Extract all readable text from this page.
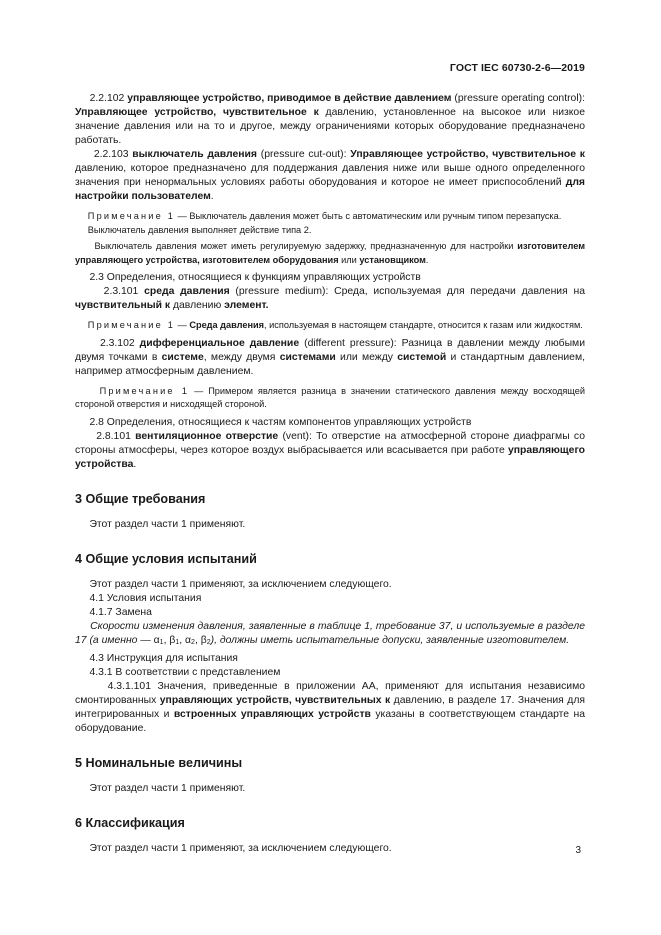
ГОСТ IEC 60730-2-6—2019

2.2.102 управляющее устройство, приводимое в действие давлением (pressure operating control): Управляющее устройство, чувствительное к давлению, установленное на высокое или низкое значение давления или на то и другое, между ограничениями которых оборудование предназначено работать.

2.2.103 выключатель давления (pressure cut-out): Управляющее устройство, чувствительное к давлению, которое предназначено для поддержания давления ниже или выше одного определенного значения при ненормальных условиях работы оборудования и которое не имеет приспособлений для настройки пользователем.

Примечание 1 — Выключатель давления может быть с автоматическим или ручным типом перезапуска.
Выключатель давления выполняет действие типа 2.

Выключатель давления может иметь регулируемую задержку, предназначенную для настройки изготовителем управляющего устройства, изготовителем оборудования или установщиком.

2.3 Определения, относящиеся к функциям управляющих устройств

2.3.101 среда давления (pressure medium): Среда, используемая для передачи давления на чувствительный к давлению элемент.

Примечание 1 — Среда давления, используемая в настоящем стандарте, относится к газам или жидкостям.

2.3.102 дифференциальное давление (different pressure): Разница в давлении между любыми двумя точками в системе, между двумя системами или между системой и стандартным давлением, например атмосферным давлением.

Примечание 1 — Примером является разница в значении статического давления между восходящей стороной отверстия и нисходящей стороной.

2.8 Определения, относящиеся к частям компонентов управляющих устройств

2.8.101 вентиляционное отверстие (vent): То отверстие на атмосферной стороне диафрагмы со стороны атмосферы, через которое воздух выбрасывается или всасывается при работе управляющего устройства.

3 Общие требования

Этот раздел части 1 применяют.

4 Общие условия испытаний

Этот раздел части 1 применяют, за исключением следующего.

4.1 Условия испытания

4.1.7 Замена

Скорости изменения давления, заявленные в таблице 1, требование 37, и используемые в разделе 17 (а именно — $\alpha_1$, $\beta_1$, $\alpha_2$, $\beta_2$), должны иметь испытательные допуски, заявленные изготовителем.

4.3 Инструкция для испытания

4.3.1 В соответствии с представлением

4.3.1.101 Значения, приведенные в приложении АА, применяют для испытания независимо смонтированных управляющих устройств, чувствительных к давлению, в разделе 17. Значения для интегрированных и встроенных управляющих устройств указаны в соответствующем стандарте на оборудование.

5 Номинальные величины

Этот раздел части 1 применяют.

6 Классификация

Этот раздел части 1 применяют, за исключением следующего.	3
